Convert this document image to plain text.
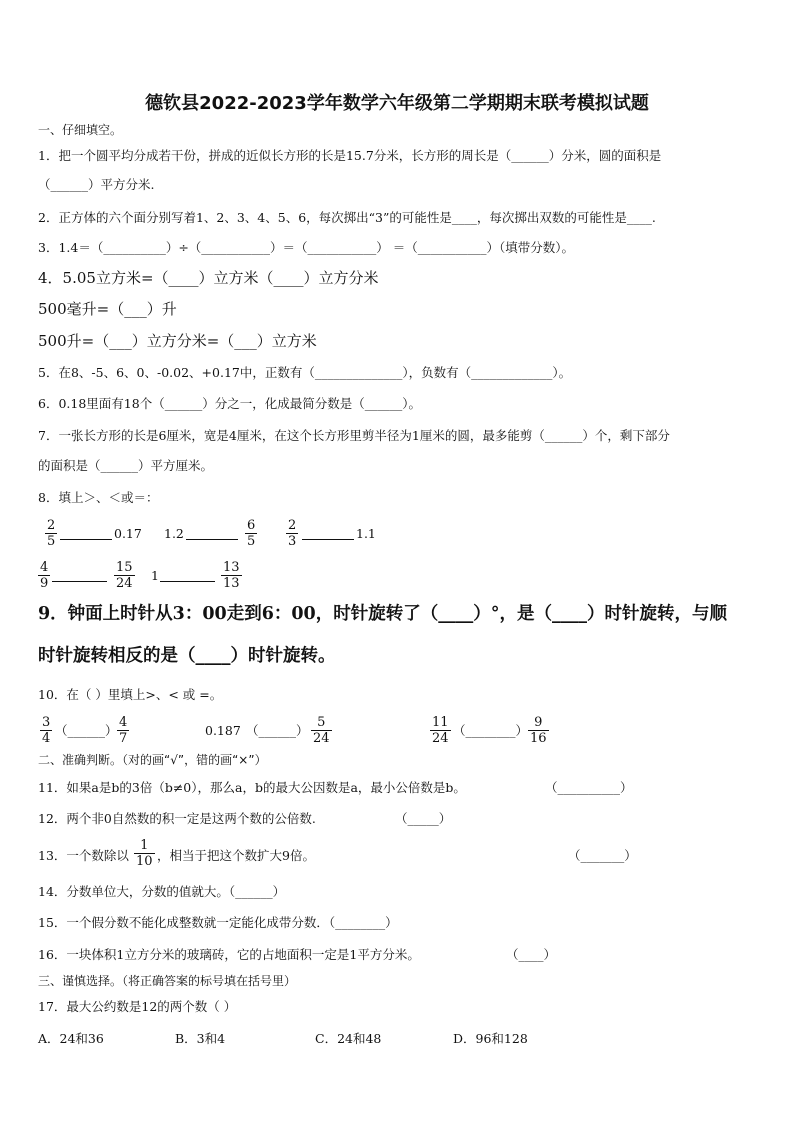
德钦县2022-2023学年数学六年级第二学期期末联考模拟试题
一、仔细填空。
1．把一个圆平均分成若干份，拼成的近似长方形的长是15.7分米，长方形的周长是（______）分米，圆的面积是
（______）平方分米.
2．正方体的六个面分别写着1、2、3、4、5、6，每次掷出“3”的可能性是____，每次掷出双数的可能性是____.
3．1.4＝（__________）÷（___________）＝（___________） ＝（___________）（填带分数）。
4．5.05立方米=（____）立方米（____）立方分米
500毫升=（___）升
500升=（___）立方分米=（___）立方米
5．在8、-5、6、0、-0.02、+0.17中，正数有（______________），负数有（_____________）。
6．0.18里面有18个（______）分之一，化成最简分数是（______）。
7．一张长方形的长是6厘米，宽是4厘米，在这个长方形里剪半径为1厘米的圆，最多能剪（______）个，剩下部分
的面积是（______）平方厘米。
8．填上＞、＜或＝：
2
5
0.17 1.2
6
5
2
3
1.1
4
9
15
24
1
13
13
9．钟面上时针从3：00走到6：00，时针旋转了（____）°，是（____）时针旋转，与顺
时针旋转相反的是（____）时针旋转。
10．在（ ）里填上>、< 或 =。
3
4
（______）
4
7
0.187 （______）
5
24
11
24
（________）
9
16
二、准确判断。（对的画“√”，错的画“×”）
11．如果a是b的3倍（b≠0），那么a，b的最大公因数是a，最小公倍数是b。	（__________）
12．两个非0自然数的积一定是这两个数的公倍数.	（_____）
13．一个数除以
1
10 ，相当于把这个数扩大9倍。	（_______）
14．分数单位大，分数的值就大。（______）
15．一个假分数不能化成整数就一定能化成带分数．（________）
16．一块体积1立方分米的玻璃砖，它的占地面积一定是1平方分米。	（____）
三、谨慎选择。（将正确答案的标号填在括号里）
17．最大公约数是12的两个数（ ）
A．24和36	B．3和4	C．24和48	D．96和128
